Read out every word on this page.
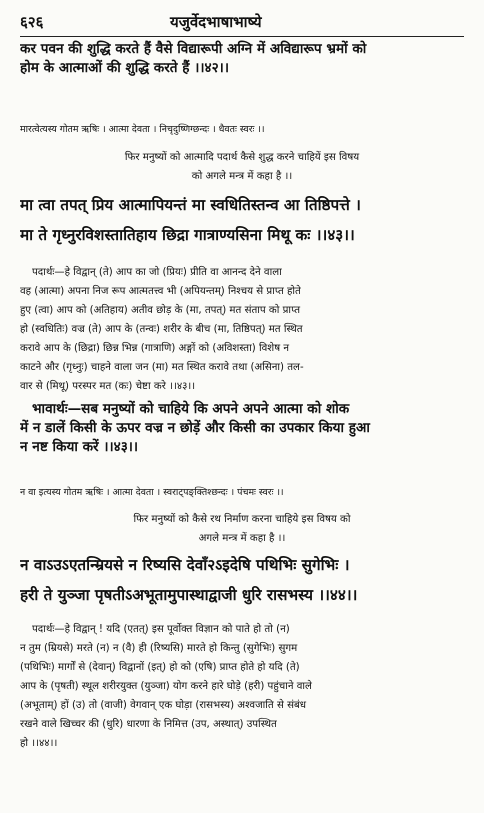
६२६	यजुर्वेदभाषाभाष्ये
कर पवन की शुद्धि करते हैं वैसे विद्यारूपी अग्नि में अविद्यारूप भ्रमों को
होम के आत्माओं की शुद्धि करते हैं ।।४२।।
मारत्वेत्यस्य गोतम ऋषिः । आत्मा देवता । निचृदुष्णिग्छन्दः । धैवतः स्वरः ।।
फिर मनुष्यों को आत्मादि पदार्थ कैसे शुद्ध करने चाहियें इस विषय
को अगले मन्त्र में कहा है ।।
मा त्वा तपत् प्रिय आत्मापियन्तं मा स्वधितिस्तन्व आ तिष्ठिपत्ते ।
मा ते गृध्नुरविशस्तातिहाय छिद्रा गात्राण्यसिना मिथू कः ।।४३।।
पदार्थः—हे विद्वान् (ते) आप का जो (प्रियः) प्रीति वा आनन्द देने वाला
वह (आत्मा) अपना निज रूप आत्मतत्त्व भी (अपियन्तम्) निश्चय से प्राप्त होते
हुए (त्वा) आप को (अतिहाय) अतीव छोड़ के (मा, तपत्) मत संताप को प्राप्त
हो (स्वधितिः) वज्र (ते) आप के (तन्वः) शरीर के बीच (मा, तिष्ठिपत्) मत स्थित
करावे आप के (छिद्रा) छिन्न भिन्न (गात्राणि) अङ्गों को (अविशस्ता) विशेष न
काटने और (गृध्नुः) चाहने वाला जन (मा) मत स्थित करावे तथा (असिना) तल-
वार से (मिथू) परस्पर मत (कः) चेष्टा करे ।।४३।।
भावार्थः—सब मनुष्यों को चाहिये कि अपने अपने आत्मा को शोक
में न डालें किसी के ऊपर वज्र न छोड़ें और किसी का उपकार किया हुआ
न नष्ट किया करें ।।४३।।
न वा इत्यस्य गोतम ऋषिः । आत्मा देवता । स्वराट्पङ्क्तिश्छन्दः । पंचमः स्वरः ।।
फिर मनुष्यों को कैसे रथ निर्माण करना चाहिये इस विषय को
अगले मन्त्र में कहा है ।।
न वाऽउऽएतन्म्रियसे न रिष्यसि देवाँ२ऽइदेषि पथिभिः सुगेभिः ।
हरी ते युञ्जा पृषतीऽअभूतामुपास्थाद्वाजी धुरि रासभस्य ।।४४।।
पदार्थः—हे विद्वान् ! यदि (एतत्) इस पूर्वोक्त विज्ञान को पाते हो तो (न)
न तुम (म्रियसे) मरते (न) न (वै) ही (रिष्यसि) मारते हो किन्तु (सुगेभिः) सुगम
(पथिभिः) मार्गों से (देवान्) विद्वानों (इत्) हो को (एषि) प्राप्त होते हो यदि (ते)
आप के (पृषती) स्थूल शरीरयुक्त (युञ्जा) योग करने हारे घोड़े (हरी) पहुंचाने वाले
(अभूताम्) हों (उ) तो (वाजी) वेगवान् एक घोड़ा (रासभस्य) अश्वजाति से संबंध
रखने वाले खिच्चर की (धुरि) धारणा के निमित्त (उप, अस्थात्) उपस्थित
हो ।।४४।।
